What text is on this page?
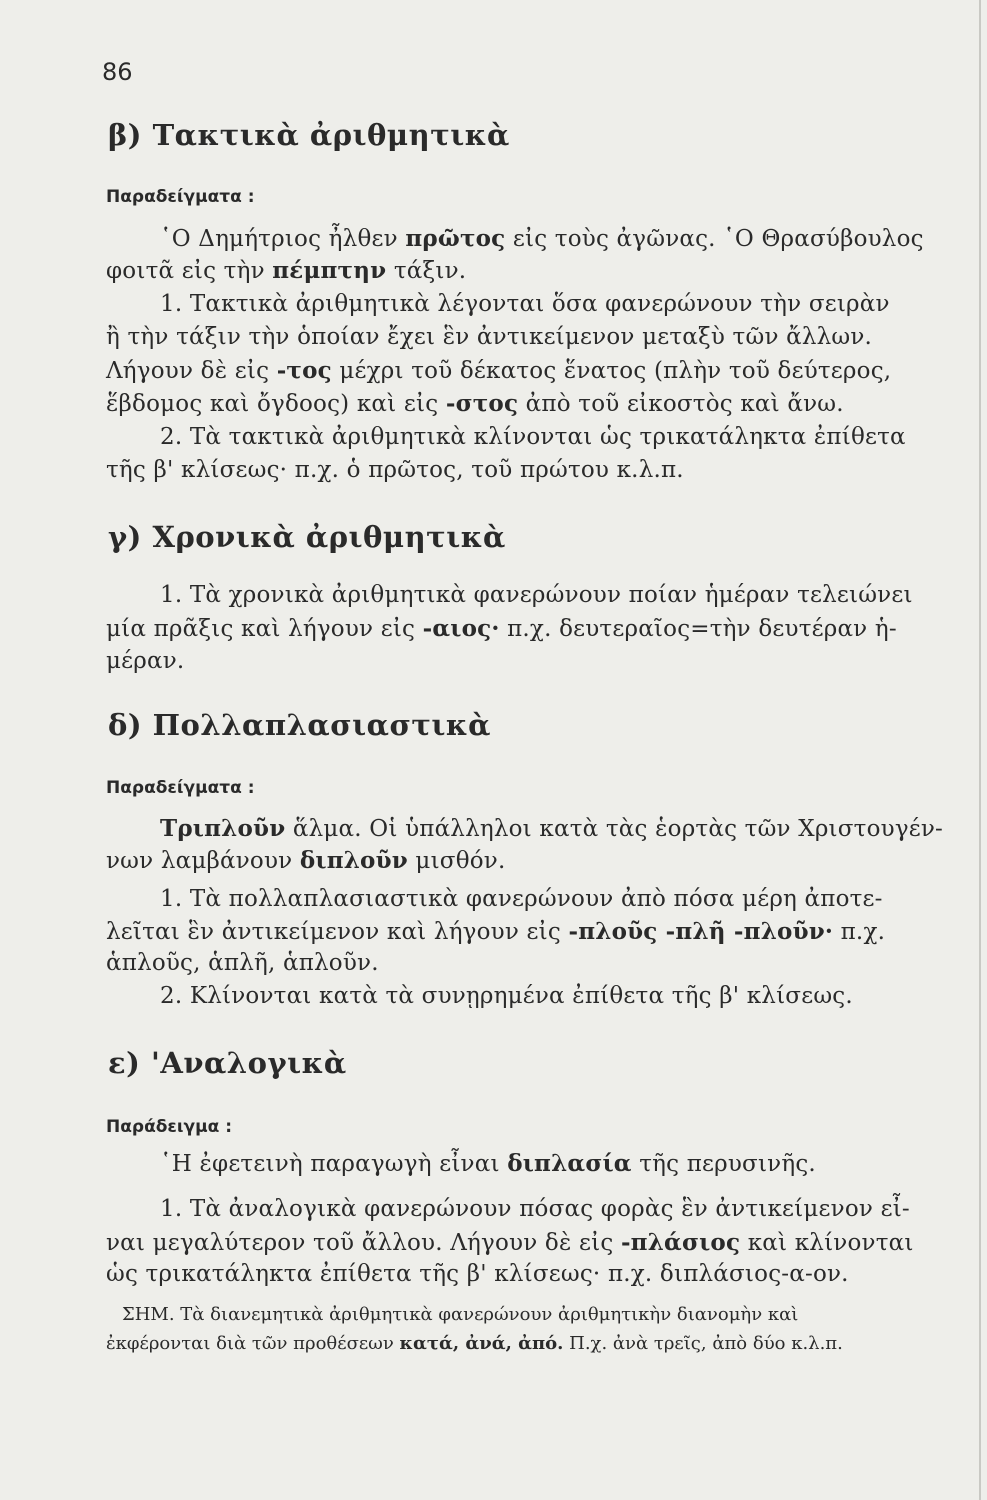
86
β) Τακτικὰ ἀριθμητικὰ
Παραδείγματα :
῾Ο Δημήτριος ἦλθεν πρῶτος εἰς τοὺς ἀγῶνας. ῾Ο Θρασύβουλος
φοιτᾶ εἰς τὴν πέμπτην τάξιν.
1. Τακτικὰ ἀριθμητικὰ λέγονται ὅσα φανερώνουν τὴν σειρὰν
ἢ τὴν τάξιν τὴν ὁποίαν ἔχει ἓν ἀντικείμενον μεταξὺ τῶν ἄλλων.
Λήγουν δὲ εἰς -τος μέχρι τοῦ δέκατος ἕνατος (πλὴν τοῦ δεύτερος,
ἕβδομος καὶ ὄγδοος) καὶ εἰς -στος ἀπὸ τοῦ εἰκοστὸς καὶ ἄνω.
2. Τὰ τακτικὰ ἀριθμητικὰ κλίνονται ὡς τρικατάληκτα ἐπίθετα
τῆς β' κλίσεως· π.χ. ὁ πρῶτος, τοῦ πρώτου κ.λ.π.
γ) Χρονικὰ ἀριθμητικὰ
1. Τὰ χρονικὰ ἀριθμητικὰ φανερώνουν ποίαν ἡμέραν τελειώνει
μία πρᾶξις καὶ λήγουν εἰς -αιος· π.χ. δευτεραῖος=τὴν δευτέραν ἡ-
μέραν.
δ) Πολλαπλασιαστικὰ
Παραδείγματα :
Τριπλοῦν ἅλμα. Οἱ ὑπάλληλοι κατὰ τὰς ἑορτὰς τῶν Χριστουγέν-
νων λαμβάνουν διπλοῦν μισθόν.
1. Τὰ πολλαπλασιαστικὰ φανερώνουν ἀπὸ πόσα μέρη ἀποτε-
λεῖται ἓν ἀντικείμενον καὶ λήγουν εἰς -πλοῦς -πλῆ -πλοῦν· π.χ.
ἁπλοῦς, ἁπλῆ, ἁπλοῦν.
2. Κλίνονται κατὰ τὰ συνῃρημένα ἐπίθετα τῆς β' κλίσεως.
ε) 'Αναλογικὰ
Παράδειγμα :
῾Η ἐφετεινὴ παραγωγὴ εἶναι διπλασία τῆς περυσινῆς.
1. Τὰ ἀναλογικὰ φανερώνουν πόσας φορὰς ἓν ἀντικείμενον εἶ-
ναι μεγαλύτερον τοῦ ἄλλου. Λήγουν δὲ εἰς -πλάσιος καὶ κλίνονται
ὡς τρικατάληκτα ἐπίθετα τῆς β' κλίσεως· π.χ. διπλάσιος-α-ον.
ΣΗΜ. Τὰ διανεμητικὰ ἀριθμητικὰ φανερώνουν ἀριθμητικὴν διανομὴν καὶ
ἐκφέρονται διὰ τῶν προθέσεων κατά, ἀνά, ἀπό. Π.χ. ἀνὰ τρεῖς, ἀπὸ δύο κ.λ.π.
